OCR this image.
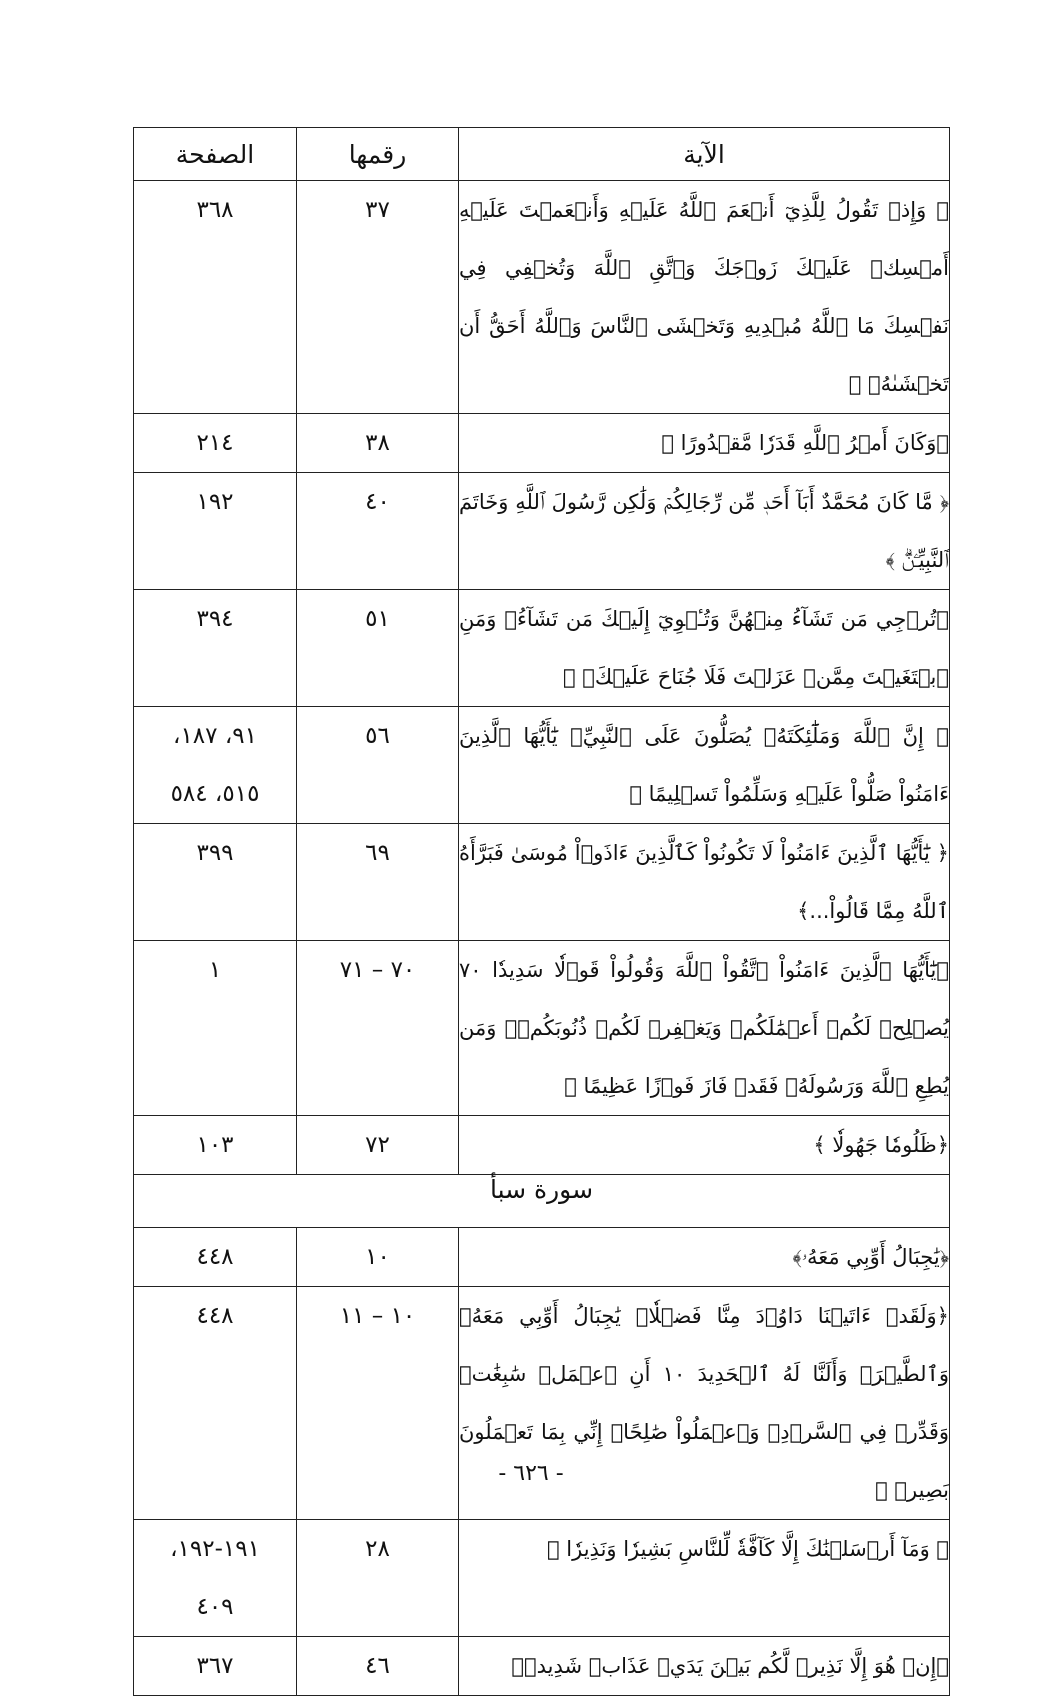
الآية	رقمها	الصفحة
﴿ وَإِذۡ تَقُولُ لِلَّذِيٓ أَنۡعَمَ ٱللَّهُ عَلَيۡهِ وَأَنۡعَمۡتَ عَلَيۡهِ أَمۡسِكۡ عَلَيۡكَ زَوۡجَكَ وَٱتَّقِ ٱللَّهَ وَتُخۡفِي فِي نَفۡسِكَ مَا ٱللَّهُ مُبۡدِيهِ وَتَخۡشَى ٱلنَّاسَ وَٱللَّهُ أَحَقُّ أَن تَخۡشَىٰهُۖ ﴾	٣٧	٣٦٨
﴿وَكَانَ أَمۡرُ ٱللَّهِ قَدَرٗا مَّقۡدُورًا ﴾	٣٨	٢١٤
﴿ مَّا كَانَ مُحَمَّدٌ أَبَآ أَحَدٖ مِّن رِّجَالِكُمۡ وَلَٰكِن رَّسُولَ ٱللَّهِ وَخَاتَمَ ٱلنَّبِيِّـۧنَۗ ﴾	٤٠	١٩٢
﴿تُرۡجِي مَن تَشَآءُ مِنۡهُنَّ وَتُـٔۡوِيٓ إِلَيۡكَ مَن تَشَآءُۖ وَمَنِ ٱبۡتَغَيۡتَ مِمَّنۡ عَزَلۡتَ فَلَا جُنَاحَ عَلَيۡكَۚ ﴾	٥١	٣٩٤
﴿ إِنَّ ٱللَّهَ وَمَلَٰٓئِكَتَهُۥ يُصَلُّونَ عَلَى ٱلنَّبِيِّۚ يَٰٓأَيُّهَا ٱلَّذِينَ ءَامَنُواْ صَلُّواْ عَلَيۡهِ وَسَلِّمُواْ تَسۡلِيمًا ﴾	٥٦	٩١، ١٨٧،
٥١٥، ٥٨٤
﴿ يَٰٓأَيُّهَا ٱلَّذِينَ ءَامَنُواْ لَا تَكُونُواْ كَٱلَّذِينَ ءَاذَوۡاْ مُوسَىٰ فَبَرَّأَهُ ٱللَّهُ مِمَّا قَالُواْ...﴾	٦٩	٣٩٩
﴿يَٰٓأَيُّهَا ٱلَّذِينَ ءَامَنُواْ ٱتَّقُواْ ٱللَّهَ وَقُولُواْ قَوۡلٗا سَدِيدٗا ٧٠ يُصۡلِحۡ لَكُمۡ أَعۡمَٰلَكُمۡ وَيَغۡفِرۡ لَكُمۡ ذُنُوبَكُمۡۗ وَمَن يُطِعِ ٱللَّهَ وَرَسُولَهُۥ فَقَدۡ فَازَ فَوۡزًا عَظِيمًا ﴾	٧٠ – ٧١	١
﴿ظَلُومٗا جَهُولٗا ﴾	٧٢	١٠٣
سورة سبأ		
﴿يَٰجِبَالُ أَوِّبِي مَعَهُۥ﴾	١٠	٤٤٨
﴿وَلَقَدۡ ءَاتَيۡنَا دَاوُۥدَ مِنَّا فَضۡلٗاۖ يَٰجِبَالُ أَوِّبِي مَعَهُۥ وَٱلطَّيۡرَۖ وَأَلَنَّا لَهُ ٱلۡحَدِيدَ ١٠ أَنِ ٱعۡمَلۡ سَٰبِغَٰتٖ وَقَدِّرۡ فِي ٱلسَّرۡدِۖ وَٱعۡمَلُواْ صَٰلِحًاۖ إِنِّي بِمَا تَعۡمَلُونَ بَصِيرٞ ﴾	١٠ – ١١	٤٤٨
﴿ وَمَآ أَرۡسَلۡنَٰكَ إِلَّا كَآفَّةٗ لِّلنَّاسِ بَشِيرٗا وَنَذِيرٗا ﴾	٢٨	١٩١-١٩٢،
٤٠٩
﴿إِنۡ هُوَ إِلَّا نَذِيرٞ لَّكُم بَيۡنَ يَدَيۡ عَذَابٖ شَدِيدٖ﴾	٤٦	٣٦٧
- ٦٢٦ -
